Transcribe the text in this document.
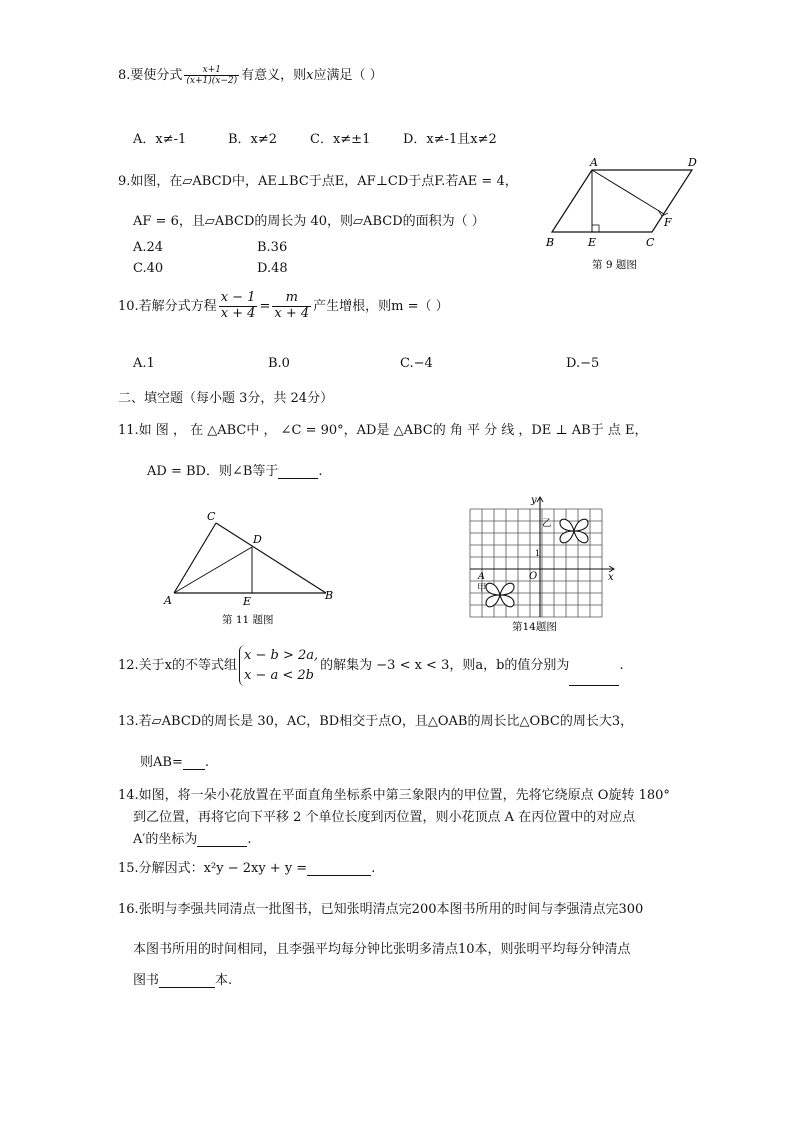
8.要使分式 $\frac{x+1}{(x+1)(x-2)}$ 有意义，则x应满足（ ）
A．x≠-1	B．x≠2	C．x≠±1	D．x≠-1且x≠2
9.如图，在▱ABCD中，AE⊥BC于点E，AF⊥CD于点F.若AE = 4，
AF = 6，且▱ABCD的周长为 40，则▱ABCD的面积为（ ）
A.24	B.36
C.40	D.48
A	D
B	E	C
F
第 9 题图
10.若解分式方程 $\frac{x - 1}{x + 4} = \frac{m}{x + 4}$ 产生增根，则m =（ ）
A.1	B.0	C.−4	D.−5
二、填空题（每小题 3分，共 24分）
11.如 图 ， 在 △ABC中 ， ∠C = 90°，AD是 △ABC的 角 平 分 线 ，DE ⊥ AB于 点 E，
AD = BD．则∠B等于	.
C
D
A	E	B
第 11 题图
y
x
O
1
乙
甲
A
第14题图
12.关于x的不等式组
x − b > 2a,
x − a < 2b
的解集为 −3 < x < 3，则a，b的值分别为	.
13.若▱ABCD的周长是 30，AC，BD相交于点O，且△OAB的周长比△OBC的周长大3，
则AB= .
14.如图，将一朵小花放置在平面直角坐标系中第三象限内的甲位置，先将它绕原点 O旋转 180°
到乙位置，再将它向下平移 2 个单位长度到丙位置，则小花顶点 A 在丙位置中的对应点
A′的坐标为	.
15.分解因式：x²y − 2xy + y =	.
16.张明与李强共同清点一批图书，已知张明清点完200本图书所用的时间与李强清点完300
本图书所用的时间相同，且李强平均每分钟比张明多清点10本，则张明平均每分钟清点
图书	本.
